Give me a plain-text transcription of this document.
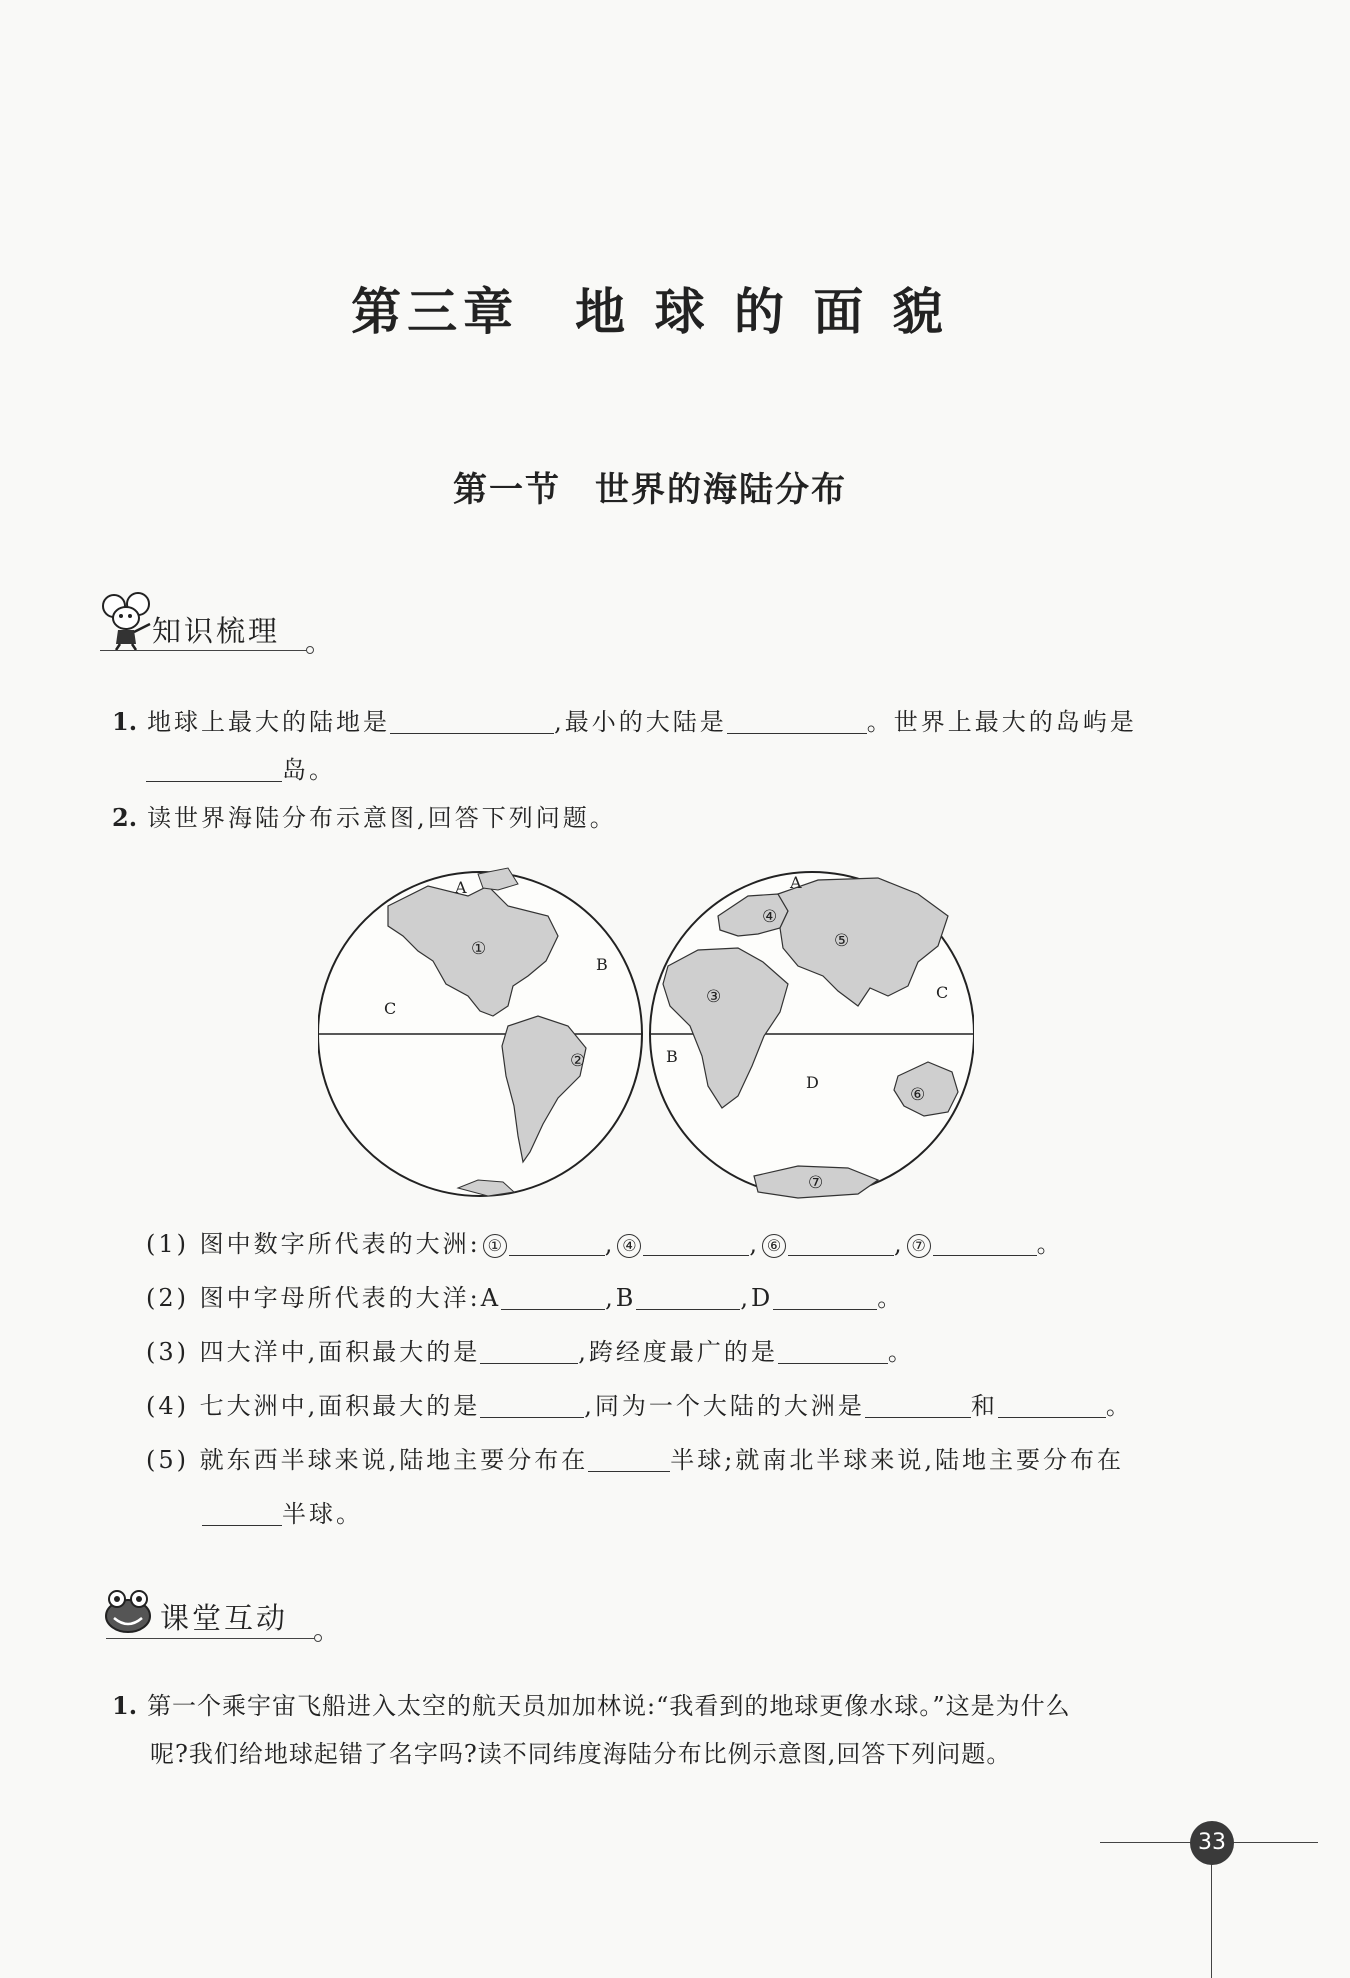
第三章 地 球 的 面 貌
第一节 世界的海陆分布
知识梳理
1. 地球上最大的陆地是	,最小的大陆是	。世界上最大的岛屿是
岛。
2. 读世界海陆分布示意图,回答下列问题。
A
B
C
①
②
A
B
C
D
③
④
⑤
⑥
⑦
(1) 图中数字所代表的大洲: ①	, ④	, ⑥	, ⑦	。
(2) 图中字母所代表的大洋:A	,B	,D	。
(3) 四大洋中,面积最大的是	,跨经度最广的是	。
(4) 七大洲中,面积最大的是	,同为一个大陆的大洲是	和	。
(5) 就东西半球来说,陆地主要分布在	半球;就南北半球来说,陆地主要分布在
半球。
课堂互动
1. 第一个乘宇宙飞船进入太空的航天员加加林说:“我看到的地球更像水球。”这是为什么
呢?我们给地球起错了名字吗?读不同纬度海陆分布比例示意图,回答下列问题。
33
